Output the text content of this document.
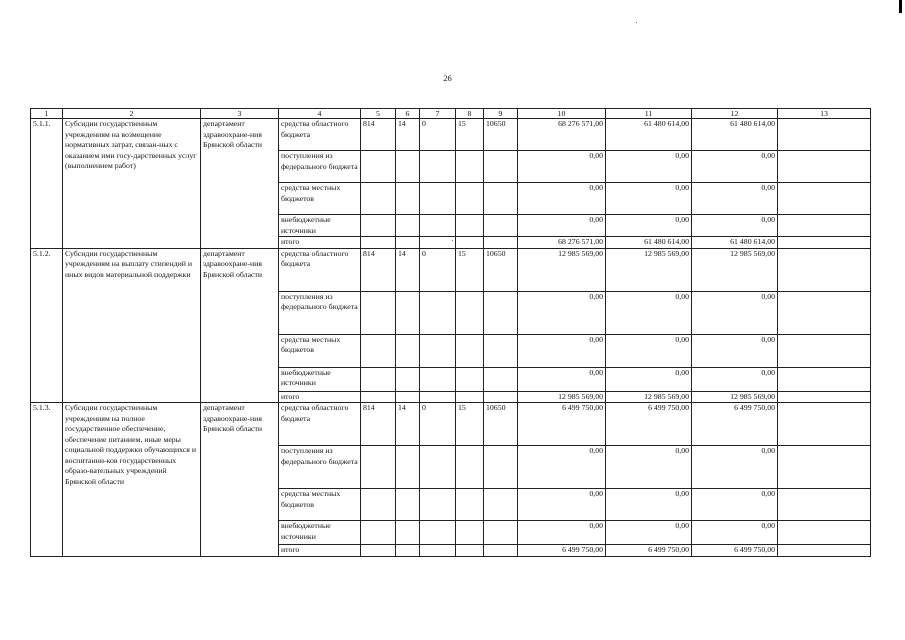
26
1	2	3	4	5	6	7	8	9	10	11	12	13
5.1.1.	Субсидии государственным учреждениям на возмещение нормативных затрат, связан-ных с оказанием ими госу-дарственных услуг (выполнением работ)	департамент здравоохране-ния Брянской области	средства областного бюджета	814	14	0	15	10650	68 276 571,00	61 480 614,00	61 480 614,00	
			поступления из федерального бюджета						0,00	0,00	0,00	
			средства местных бюджетов						0,00	0,00	0,00	
			внебюджетные источники						0,00	0,00	0,00	
			итого						68 276 571,00	61 480 614,00	61 480 614,00	
5.1.2.	Субсидии государственным учреждениям на выплату стипендий и иных видов материальной поддержки	департамент здравоохране-ния Брянской области	средства областного бюджета	814	14	0	15	10650	12 985 569,00	12 985 569,00	12 985 569,00	
			поступления из федерального бюджета						0,00	0,00	0,00	
			средства местных бюджетов						0,00	0,00	0,00	
			внебюджетные источники						0,00	0,00	0,00	
			итого						12 985 569,00	12 985 569,00	12 985 569,00	
5.1.3.	Субсидии государственным учреждениям на полное государственное обеспечение, обеспечение питанием, иные меры социальной поддержки обучающихся и воспитанни-ков государственных образо-вательных учреждений Брянской области	департамент здравоохране-ния Брянской области	средства областного бюджета	814	14	0	15	10650	6 499 750,00	6 499 750,00	6 499 750,00	
			поступления из федерального бюджета						0,00	0,00	0,00	
			средства местных бюджетов						0,00	0,00	0,00	
			внебюджетные источники						0,00	0,00	0,00	
			итого						6 499 750,00	6 499 750,00	6 499 750,00	
